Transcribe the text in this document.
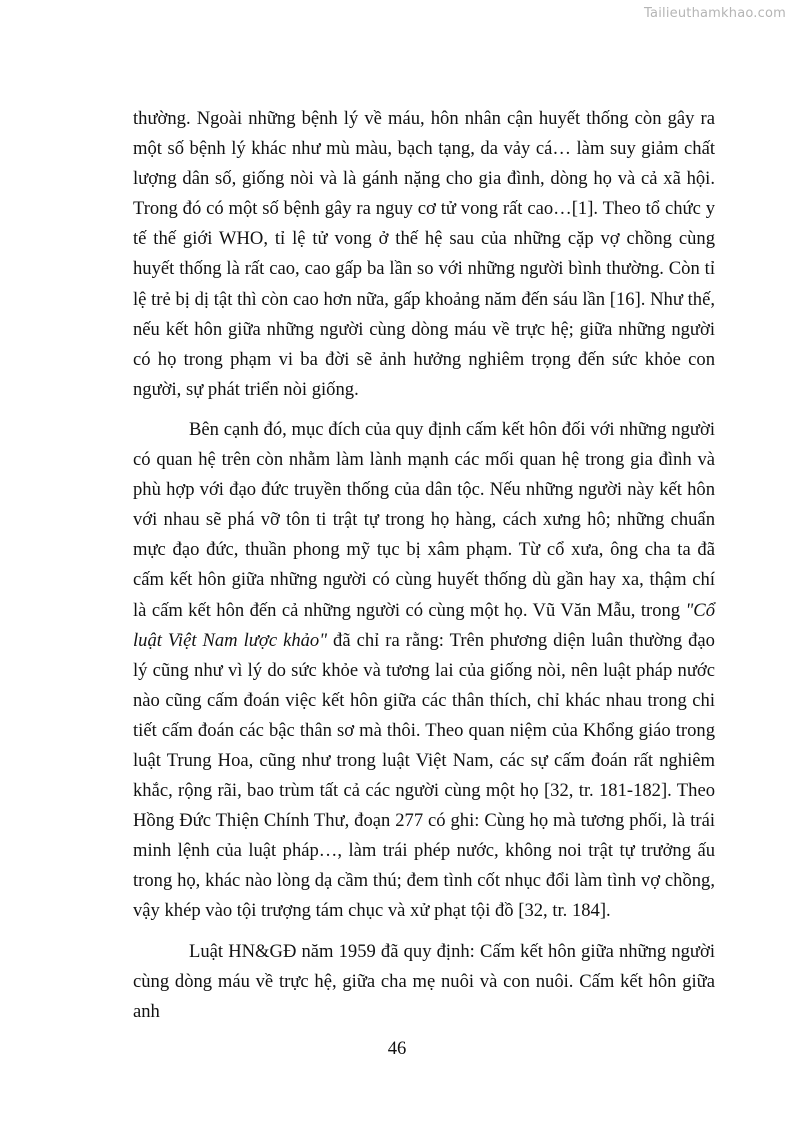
Tailieuthamkhao.com

thường. Ngoài những bệnh lý về máu, hôn nhân cận huyết thống còn gây ra một số bệnh lý khác như mù màu, bạch tạng, da vảy cá… làm suy giảm chất lượng dân số, giống nòi và là gánh nặng cho gia đình, dòng họ và cả xã hội. Trong đó có một số bệnh gây ra nguy cơ tử vong rất cao…[1]. Theo tổ chức y tế thế giới WHO, tỉ lệ tử vong ở thế hệ sau của những cặp vợ chồng cùng huyết thống là rất cao, cao gấp ba lần so với những người bình thường. Còn tỉ lệ trẻ bị dị tật thì còn cao hơn nữa, gấp khoảng năm đến sáu lần [16]. Như thế, nếu kết hôn giữa những người cùng dòng máu về trực hệ; giữa những người có họ trong phạm vi ba đời sẽ ảnh hưởng nghiêm trọng đến sức khỏe con người, sự phát triển nòi giống.

Bên cạnh đó, mục đích của quy định cấm kết hôn đối với những người có quan hệ trên còn nhằm làm lành mạnh các mối quan hệ trong gia đình và phù hợp với đạo đức truyền thống của dân tộc. Nếu những người này kết hôn với nhau sẽ phá vỡ tôn ti trật tự trong họ hàng, cách xưng hô; những chuẩn mực đạo đức, thuần phong mỹ tục bị xâm phạm. Từ cổ xưa, ông cha ta đã cấm kết hôn giữa những người có cùng huyết thống dù gần hay xa, thậm chí là cấm kết hôn đến cả những người có cùng một họ. Vũ Văn Mẫu, trong "Cổ luật Việt Nam lược khảo" đã chỉ ra rằng: Trên phương diện luân thường đạo lý cũng như vì lý do sức khỏe và tương lai của giống nòi, nên luật pháp nước nào cũng cấm đoán việc kết hôn giữa các thân thích, chỉ khác nhau trong chi tiết cấm đoán các bậc thân sơ mà thôi. Theo quan niệm của Khổng giáo trong luật Trung Hoa, cũng như trong luật Việt Nam, các sự cấm đoán rất nghiêm khắc, rộng rãi, bao trùm tất cả các người cùng một họ [32, tr. 181-182]. Theo Hồng Đức Thiện Chính Thư, đoạn 277 có ghi: Cùng họ mà tương phối, là trái minh lệnh của luật pháp…, làm trái phép nước, không noi trật tự trưởng ấu trong họ, khác nào lòng dạ cầm thú; đem tình cốt nhục đổi làm tình vợ chồng, vậy khép vào tội trượng tám chục và xử phạt tội đồ [32, tr. 184].

Luật HN&GĐ năm 1959 đã quy định: Cấm kết hôn giữa những người cùng dòng máu về trực hệ, giữa cha mẹ nuôi và con nuôi. Cấm kết hôn giữa anh

46
